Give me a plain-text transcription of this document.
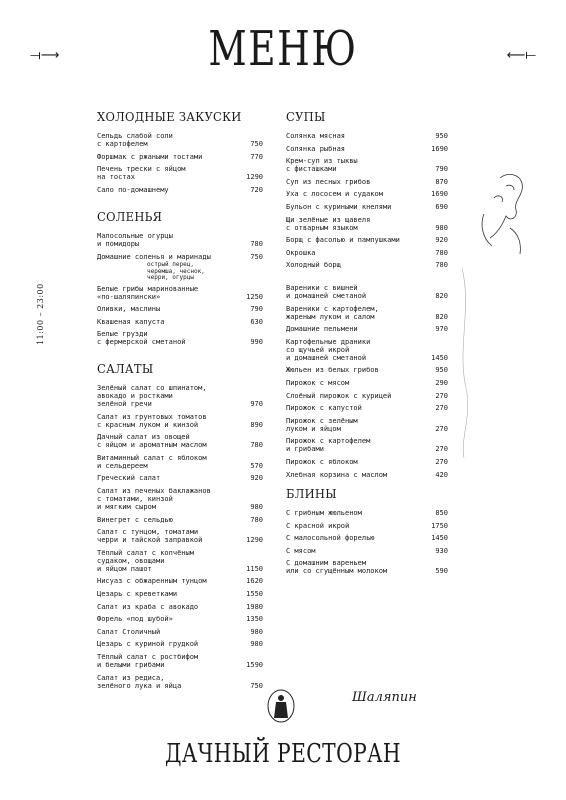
МЕНЮ
⟞⟶	⟵⟝
11:00 – 23:00
ХОЛОДНЫЕ ЗАКУСКИ
Сельдь слабой соли
с картофелем	750
Форшмак с ржаными тостами	770
Печень трески с яйцом
на тостах	1290
Сало по-домашнему	720
СОЛЕНЬЯ
Малосольные огурцы
и помидоры	780
Домашние соленья и маринады	750
острый перец,
черемша, чеснок,
черри, огурцы
Белые грибы маринованные
«по-шаляпински»	1250
Оливки, маслины	790
Квашеная капуста	630
Белые грузди
с фермерской сметаной	990
САЛАТЫ
Зелёный салат со шпинатом,
авокадо и ростками
зелёной гречи	970
Салат из грунтовых томатов
с красным луком и кинзой	890
Дачный салат из овощей
с яйцом и ароматным маслом	780
Витаминный салат с яблоком
и сельдереем	570
Греческий салат	920
Салат из печеных баклажанов
с томатами, кинзой
и мягким сыром	980
Винегрет с сельдью	780
Салат с тунцом, томатами
черри и тайской заправкой	1290
Тёплый салат с копчёным
судаком, овощами
и яйцом пашот	1150
Нисуаз с обжаренным тунцом	1620
Цезарь с креветками	1550
Салат из краба с авокадо	1980
Форель «под шубой»	1350
Салат Столичный	980
Цезарь с куриной грудкой	980
Тёплый салат с ростбифом
и белыми грибами	1590
Салат из редиса,
зелёного лука и яйца	750
СУПЫ
Солянка мясная	950
Солянка рыбная	1690
Крем-суп из тыквы
с фисташками	790
Суп из лесных грибов	870
Уха с лососем и судаком	1690
Бульон с куриными кнелями	690
Щи зелёные из щавеля
с отварным языком	980
Борщ с фасолью и пампушками	920
Окрошка	780
Холодный борщ	780
Вареники с вишней
и домашней сметаной	820
Вареники с картофелем,
жареным луком и салом	820
Домашние пельмени	970
Картофельные драники
со щучьей икрой
и домашней сметаной	1450
Жюльен из белых грибов	950
Пирожок с мясом	290
Слоёный пирожок с курицей	270
Пирожок с капустой	270
Пирожок с зелёным
луком и яйцом	270
Пирожок с картофелем
и грибами	270
Пирожок с яблоком	270
Хлебная корзина с маслом	420
БЛИНЫ
С грибным жюльеном	850
С красной икрой	1750
С малосольной форелью	1450
С мясом	930
С домашним вареньем
или со сгущённым молоком	590
Шаляпин
ДАЧНЫЙ РЕСТОРАН
